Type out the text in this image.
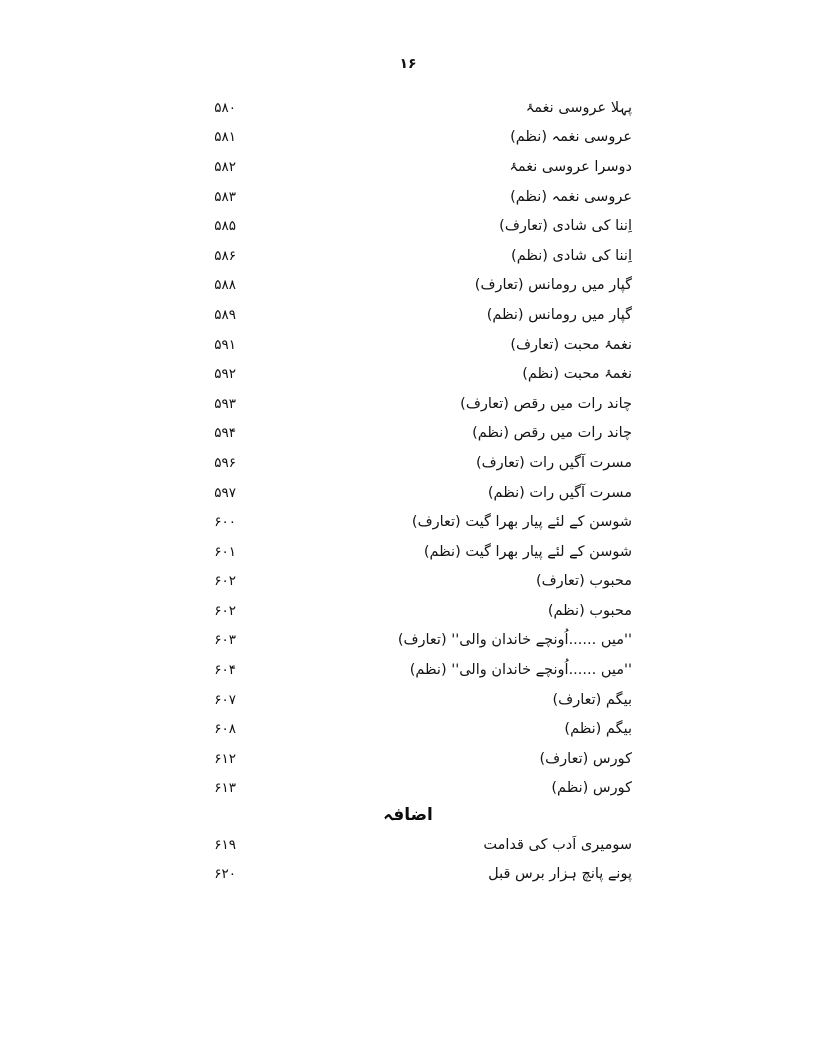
۱۶
پہلا عروسی نغمۂ
۵۸۰
عروسی نغمہ (نظم)
۵۸۱
دوسرا عروسی نغمۂ
۵۸۲
عروسی نغمہ (نظم)
۵۸۳
اِننا کی شادی (تعارف)
۵۸۵
اِننا کی شادی (نظم)
۵۸۶
گپار میں رومانس (تعارف)
۵۸۸
گپار میں رومانس (نظم)
۵۸۹
نغمۂ محبت (تعارف)
۵۹۱
نغمۂ محبت (نظم)
۵۹۲
چاند رات میں رقص (تعارف)
۵۹۳
چاند رات میں رقص (نظم)
۵۹۴
مسرت آگیں رات (تعارف)
۵۹۶
مسرت آگیں رات (نظم)
۵۹۷
شوسن کے لئے پیار بھرا گیت (تعارف)
۶۰۰
شوسن کے لئے پیار بھرا گیت (نظم)
۶۰۱
محبوب (تعارف)
۶۰۲
محبوب (نظم)
۶۰۲
''میں ......اُونچے خاندان والی'' (تعارف)
۶۰۳
''میں ......اُونچے خاندان والی'' (نظم)
۶۰۴
بیگم (تعارف)
۶۰۷
بیگم (نظم)
۶۰۸
کورس (تعارف)
۶۱۲
کورس (نظم)
۶۱۳
اضافہ
سومیری اَدب کی قدامت
۶۱۹
پونے پانچ ہزار برس قبل
۶۲۰
